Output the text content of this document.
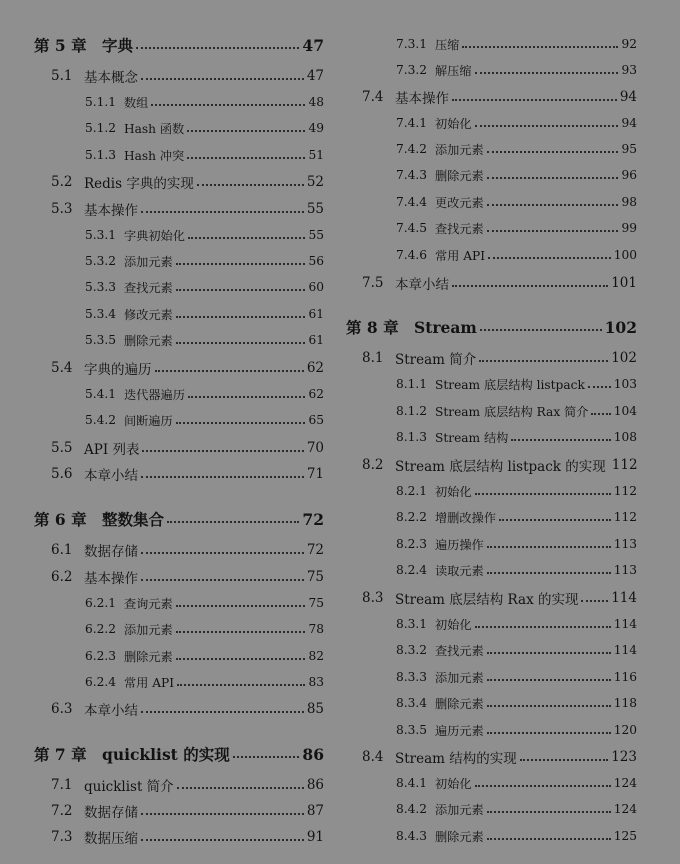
第 5 章 字典	47
5.1 基本概念	47
5.1.1 数组	48
5.1.2 Hash 函数	49
5.1.3 Hash 冲突	51
5.2 Redis 字典的实现	52
5.3 基本操作	55
5.3.1 字典初始化	55
5.3.2 添加元素	56
5.3.3 查找元素	60
5.3.4 修改元素	61
5.3.5 删除元素	61
5.4 字典的遍历	62
5.4.1 迭代器遍历	62
5.4.2 间断遍历	65
5.5 API 列表	70
5.6 本章小结	71
第 6 章 整数集合	72
6.1 数据存储	72
6.2 基本操作	75
6.2.1 查询元素	75
6.2.2 添加元素	78
6.2.3 删除元素	82
6.2.4 常用 API	83
6.3 本章小结	85
第 7 章 quicklist 的实现	86
7.1 quicklist 简介	86
7.2 数据存储	87
7.3 数据压缩	91
7.3.1 压缩	92
7.3.2 解压缩	93
7.4 基本操作	94
7.4.1 初始化	94
7.4.2 添加元素	95
7.4.3 删除元素	96
7.4.4 更改元素	98
7.4.5 查找元素	99
7.4.6 常用 API	100
7.5 本章小结	101
第 8 章 Stream	102
8.1 Stream 简介	102
8.1.1 Stream 底层结构 listpack 103
8.1.2 Stream 底层结构 Rax 简介 104
8.1.3 Stream 结构	108
8.2 Stream 底层结构 listpack 的实现 112
8.2.1 初始化	112
8.2.2 增删改操作	112
8.2.3 遍历操作	113
8.2.4 读取元素	113
8.3 Stream 底层结构 Rax 的实现 114
8.3.1 初始化	114
8.3.2 查找元素	114
8.3.3 添加元素	116
8.3.4 删除元素	118
8.3.5 遍历元素	120
8.4 Stream 结构的实现	123
8.4.1 初始化	124
8.4.2 添加元素	124
8.4.3 删除元素	125
